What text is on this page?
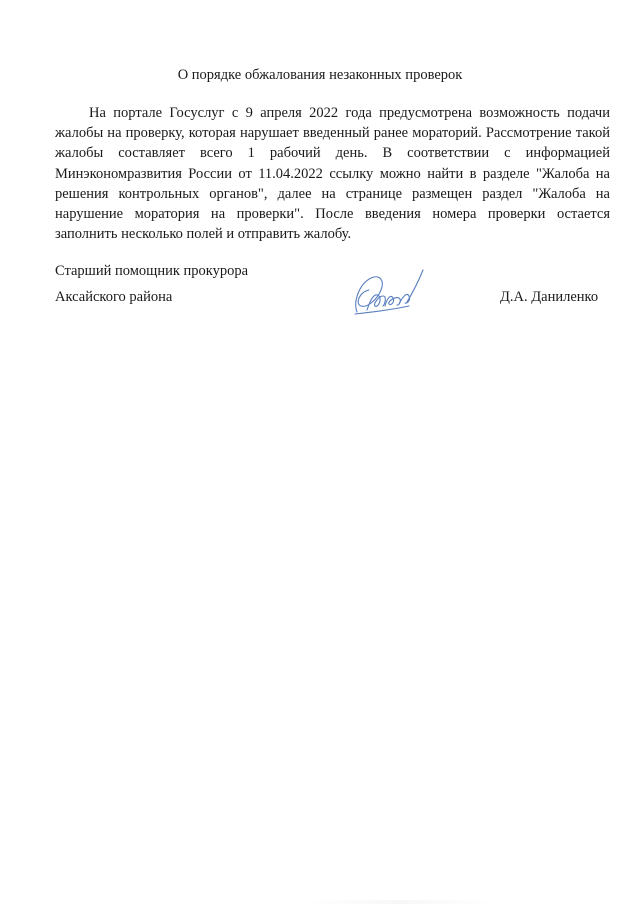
О порядке обжалования незаконных проверок

На портале Госуслуг с 9 апреля 2022 года предусмотрена возможность подачи жалобы на проверку, которая нарушает введенный ранее мораторий. Рассмотрение такой жалобы составляет всего 1 рабочий день. В соответствии с информацией Минэкономразвития России от 11.04.2022 ссылку можно найти в разделе "Жалоба на решения контрольных органов", далее на странице размещен раздел "Жалоба на нарушение моратория на проверки". После введения номера проверки остается заполнить несколько полей и отправить жалобу.

Старший помощник прокурора
Аксайского района	Д.А. Даниленко
